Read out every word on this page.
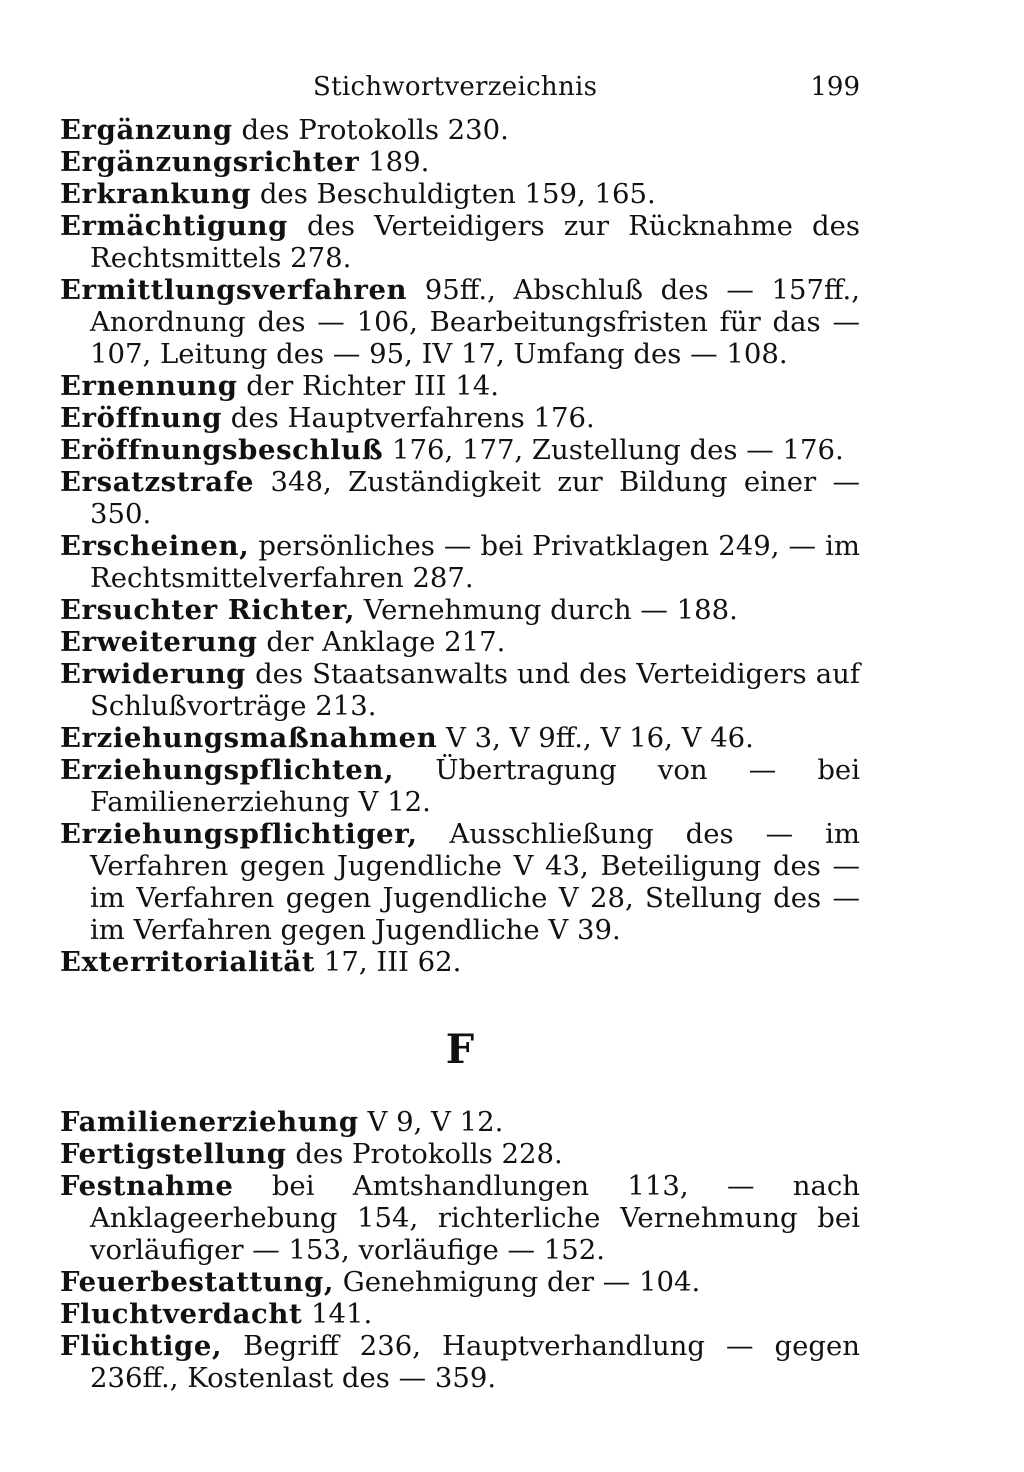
Stichwortverzeichnis	199

Ergänzung des Protokolls 230.

Ergänzungsrichter 189.

Erkrankung des Beschuldigten 159, 165.

Ermächtigung des Verteidigers zur Rücknahme des Rechtsmittels 278.

Ermittlungsverfahren 95ff., Abschluß des — 157ff., Anordnung des — 106, Bearbeitungsfristen für das — 107, Leitung des — 95, IV 17, Umfang des — 108.

Ernennung der Richter III 14.

Eröffnung des Hauptverfahrens 176.

Eröffnungsbeschluß 176, 177, Zustellung des — 176.

Ersatzstrafe 348, Zuständigkeit zur Bildung einer — 350.

Erscheinen, persönliches — bei Privatklagen 249, — im Rechtsmittelverfahren 287.

Ersuchter Richter, Vernehmung durch — 188.

Erweiterung der Anklage 217.

Erwiderung des Staatsanwalts und des Verteidigers auf Schlußvorträge 213.

Erziehungsmaßnahmen V 3, V 9ff., V 16, V 46.

Erziehungspflichten, Übertragung von — bei Familienerziehung V 12.

Erziehungspflichtiger, Ausschließung des — im Verfahren gegen Jugendliche V 43, Beteiligung des — im Verfahren gegen Jugendliche V 28, Stellung des — im Verfahren gegen Jugendliche V 39.

Exterritorialität 17, III 62.

F

Familienerziehung V 9, V 12.

Fertigstellung des Protokolls 228.

Festnahme bei Amtshandlungen 113, — nach Anklageerhebung 154, richterliche Vernehmung bei vorläufiger — 153, vorläufige — 152.

Feuerbestattung, Genehmigung der — 104.

Fluchtverdacht 141.

Flüchtige, Begriff 236, Hauptverhandlung — gegen 236ff., Kostenlast des — 359.
